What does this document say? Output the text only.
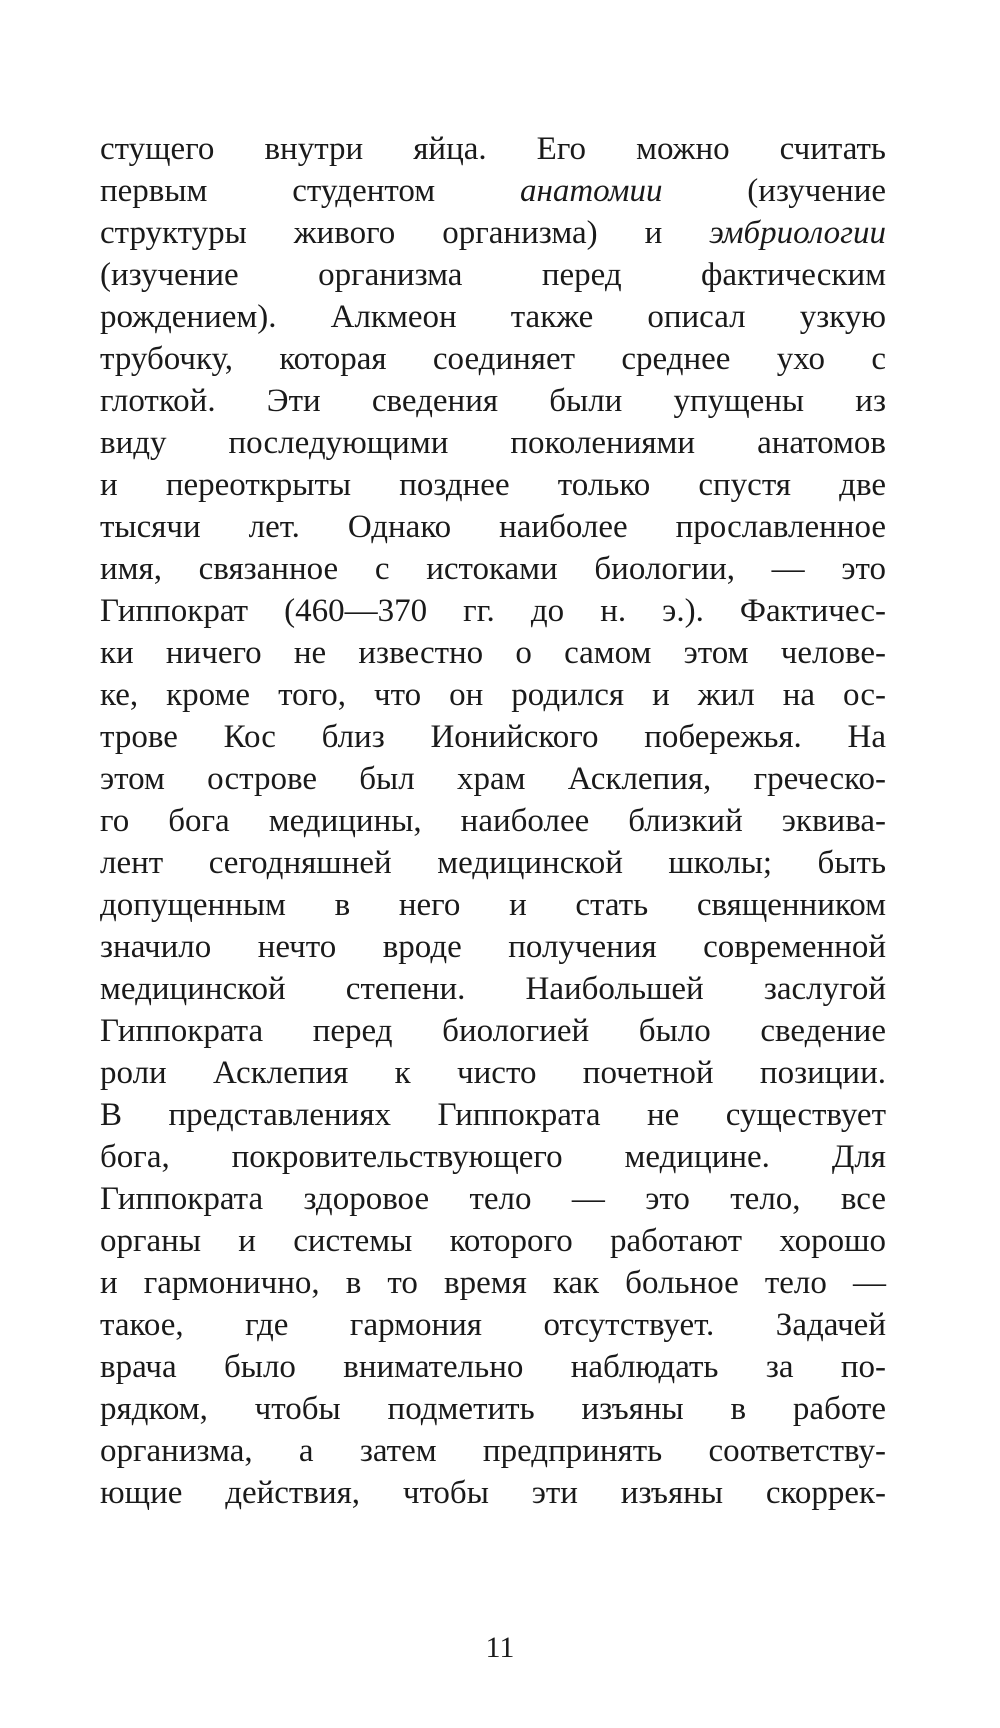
стущего внутри яйца. Его можно считать
первым студентом анатомии (изучение
структуры живого организма) и эмбриологии
(изучение организма перед фактическим
рождением). Алкмеон также описал узкую
трубочку, которая соединяет среднее ухо с
глоткой. Эти сведения были упущены из
виду последующими поколениями анатомов
и переоткрыты позднее только спустя две
тысячи лет. Однако наиболее прославленное
имя, связанное с истоками биологии, — это
Гиппократ (460—370 гг. до н. э.). Фактичес-
ки ничего не известно о самом этом челове-
ке, кроме того, что он родился и жил на ос-
трове Кос близ Ионийского побережья. На
этом острове был храм Асклепия, греческо-
го бога медицины, наиболее близкий эквива-
лент сегодняшней медицинской школы; быть
допущенным в него и стать священником
значило нечто вроде получения современной
медицинской степени. Наибольшей заслугой
Гиппократа перед биологией было сведение
роли Асклепия к чисто почетной позиции.
В представлениях Гиппократа не существует
бога, покровительствующего медицине. Для
Гиппократа здоровое тело — это тело, все
органы и системы которого работают хорошо
и гармонично, в то время как больное тело —
такое, где гармония отсутствует. Задачей
врача было внимательно наблюдать за по-
рядком, чтобы подметить изъяны в работе
организма, а затем предпринять соответству-
ющие действия, чтобы эти изъяны скоррек-
11
